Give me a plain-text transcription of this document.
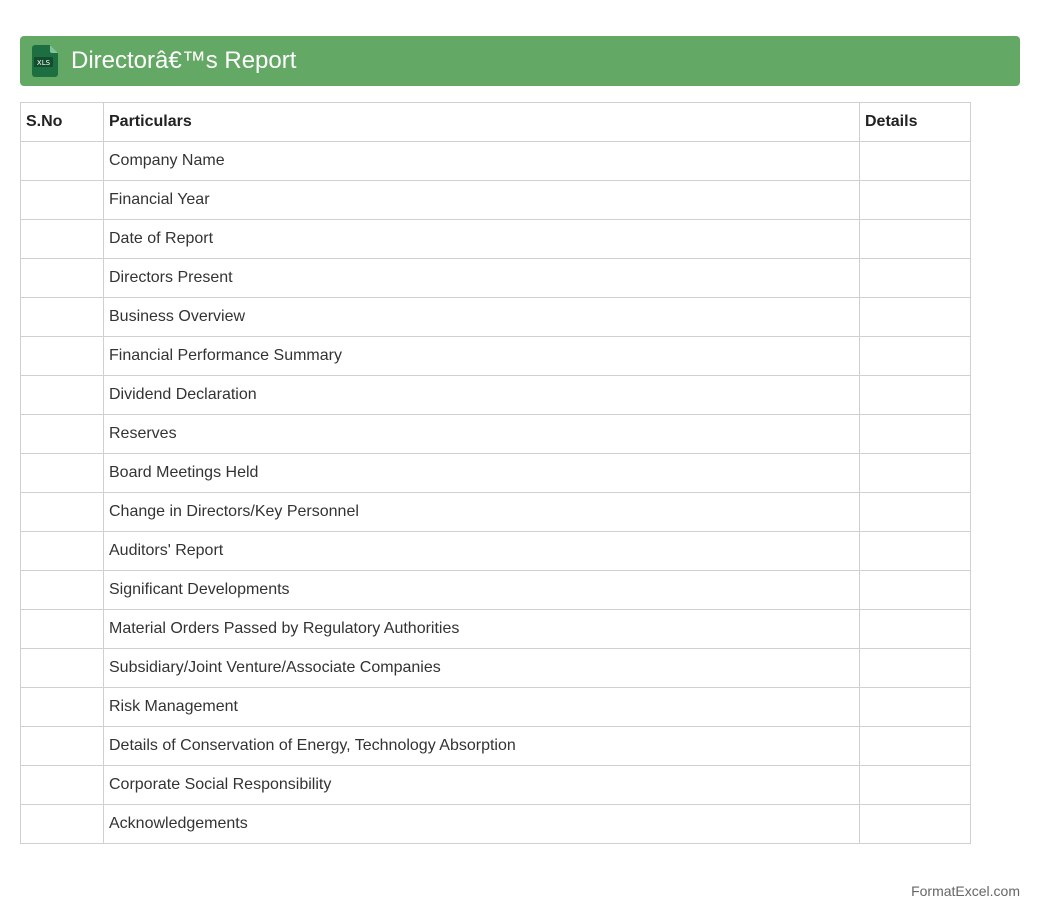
XLS Directorâ€™s Report
S.No	Particulars	Details
	Company Name	
	Financial Year	
	Date of Report	
	Directors Present	
	Business Overview	
	Financial Performance Summary	
	Dividend Declaration	
	Reserves	
	Board Meetings Held	
	Change in Directors/Key Personnel	
	Auditors' Report	
	Significant Developments	
	Material Orders Passed by Regulatory Authorities	
	Subsidiary/Joint Venture/Associate Companies	
	Risk Management	
	Details of Conservation of Energy, Technology Absorption	
	Corporate Social Responsibility	
	Acknowledgements	
FormatExcel.com
